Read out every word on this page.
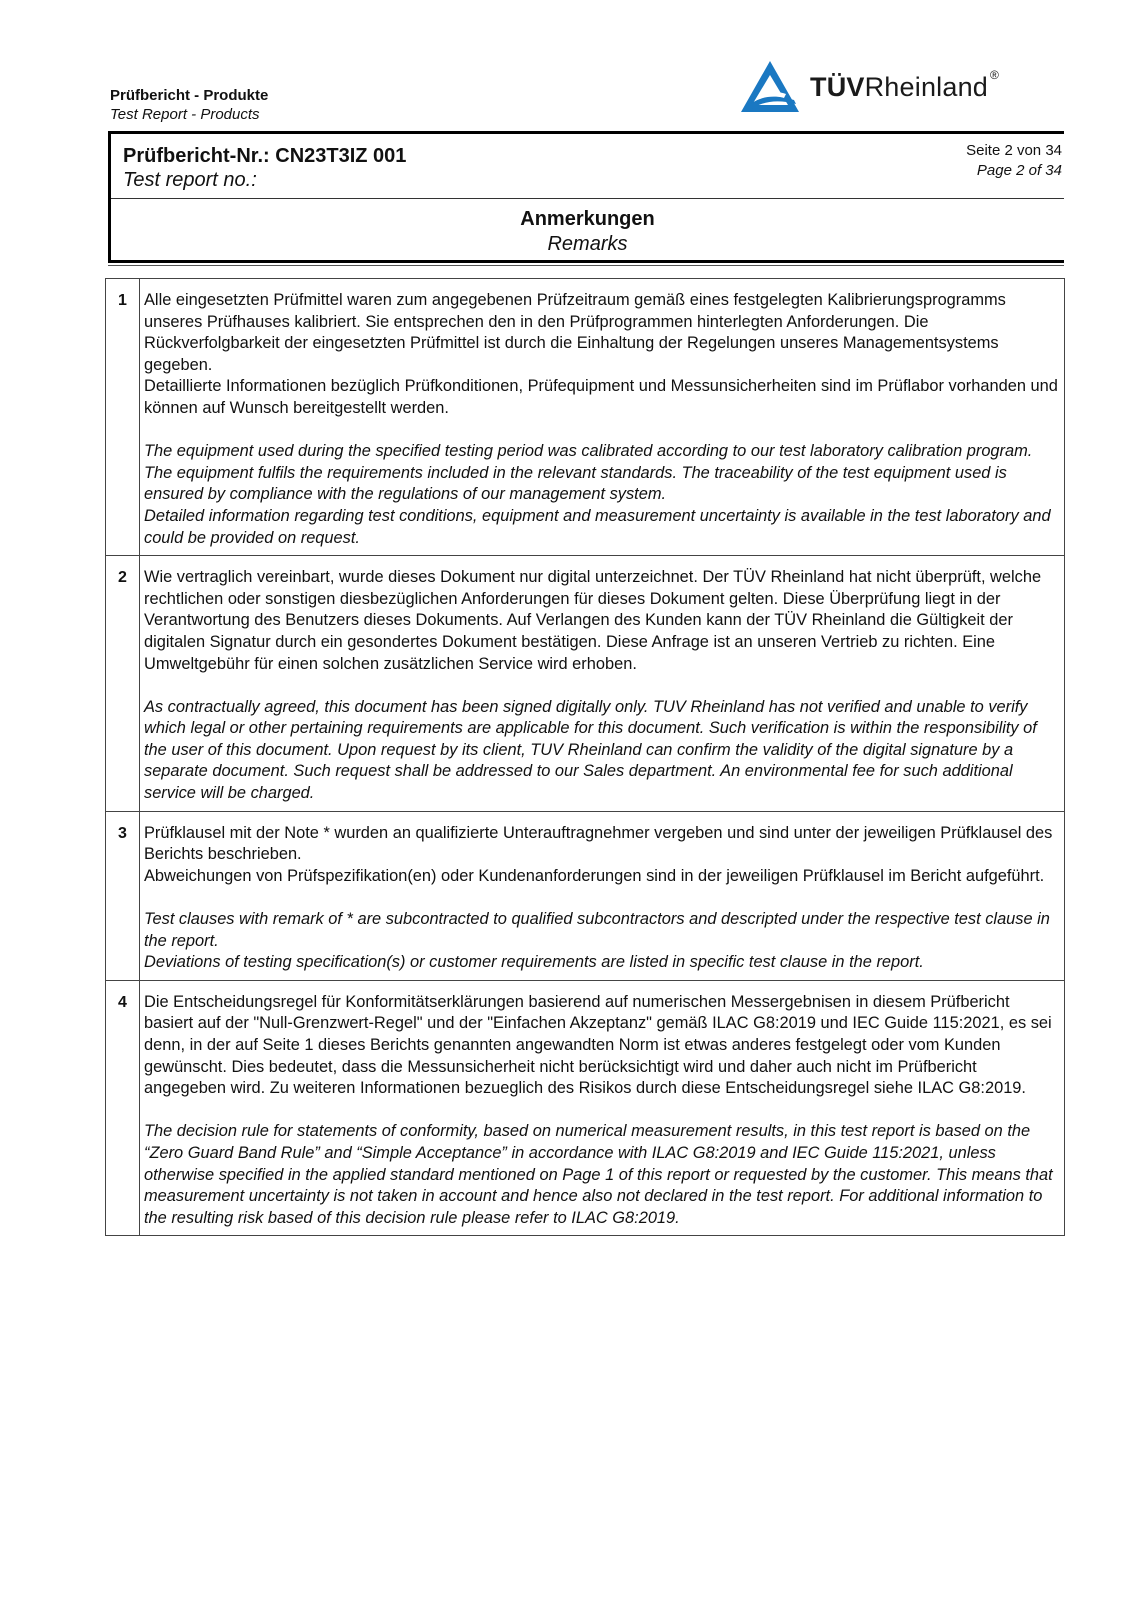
Prüfbericht - Produkte
Test Report - Products
TÜVRheinland ®
Prüfbericht-Nr.: CN23T3IZ 001
Test report no.:
Seite 2 von 34
Page 2 of 34
Anmerkungen
Remarks
1	Alle eingesetzten Prüfmittel waren zum angegebenen Prüfzeitraum gemäß eines festgelegten Kalibrierungsprogramms unseres Prüfhauses kalibriert. Sie entsprechen den in den Prüfprogrammen hinterlegten Anforderungen. Die Rückverfolgbarkeit der eingesetzten Prüfmittel ist durch die Einhaltung der Regelungen unseres Managementsystems gegeben.
Detaillierte Informationen bezüglich Prüfkonditionen, Prüfequipment und Messunsicherheiten sind im Prüflabor vorhanden und können auf Wunsch bereitgestellt werden.

The equipment used during the specified testing period was calibrated according to our test laboratory calibration program. The equipment fulfils the requirements included in the relevant standards. The traceability of the test equipment used is ensured by compliance with the regulations of our management system.
Detailed information regarding test conditions, equipment and measurement uncertainty is available in the test laboratory and could be provided on request.

2	Wie vertraglich vereinbart, wurde dieses Dokument nur digital unterzeichnet. Der TÜV Rheinland hat nicht überprüft, welche rechtlichen oder sonstigen diesbezüglichen Anforderungen für dieses Dokument gelten. Diese Überprüfung liegt in der Verantwortung des Benutzers dieses Dokuments. Auf Verlangen des Kunden kann der TÜV Rheinland die Gültigkeit der digitalen Signatur durch ein gesondertes Dokument bestätigen. Diese Anfrage ist an unseren Vertrieb zu richten. Eine Umweltgebühr für einen solchen zusätzlichen Service wird erhoben.

As contractually agreed, this document has been signed digitally only. TUV Rheinland has not verified and unable to verify which legal or other pertaining requirements are applicable for this document. Such verification is within the responsibility of the user of this document. Upon request by its client, TUV Rheinland can confirm the validity of the digital signature by a separate document. Such request shall be addressed to our Sales department. An environmental fee for such additional service will be charged.

3	Prüfklausel mit der Note * wurden an qualifizierte Unterauftragnehmer vergeben und sind unter der jeweiligen Prüfklausel des Berichts beschrieben.
Abweichungen von Prüfspezifikation(en) oder Kundenanforderungen sind in der jeweiligen Prüfklausel im Bericht aufgeführt.

Test clauses with remark of * are subcontracted to qualified subcontractors and descripted under the respective test clause in the report.
Deviations of testing specification(s) or customer requirements are listed in specific test clause in the report.

4	Die Entscheidungsregel für Konformitätserklärungen basierend auf numerischen Messergebnisen in diesem Prüfbericht basiert auf der "Null-Grenzwert-Regel" und der "Einfachen Akzeptanz" gemäß ILAC G8:2019 und IEC Guide 115:2021, es sei denn, in der auf Seite 1 dieses Berichts genannten angewandten Norm ist etwas anderes festgelegt oder vom Kunden gewünscht. Dies bedeutet, dass die Messunsicherheit nicht berücksichtigt wird und daher auch nicht im Prüfbericht angegeben wird. Zu weiteren Informationen bezueglich des Risikos durch diese Entscheidungsregel siehe ILAC G8:2019.

The decision rule for statements of conformity, based on numerical measurement results, in this test report is based on the “Zero Guard Band Rule” and “Simple Acceptance” in accordance with ILAC G8:2019 and IEC Guide 115:2021, unless otherwise specified in the applied standard mentioned on Page 1 of this report or requested by the customer. This means that measurement uncertainty is not taken in account and hence also not declared in the test report. For additional information to the resulting risk based of this decision rule please refer to ILAC G8:2019.
